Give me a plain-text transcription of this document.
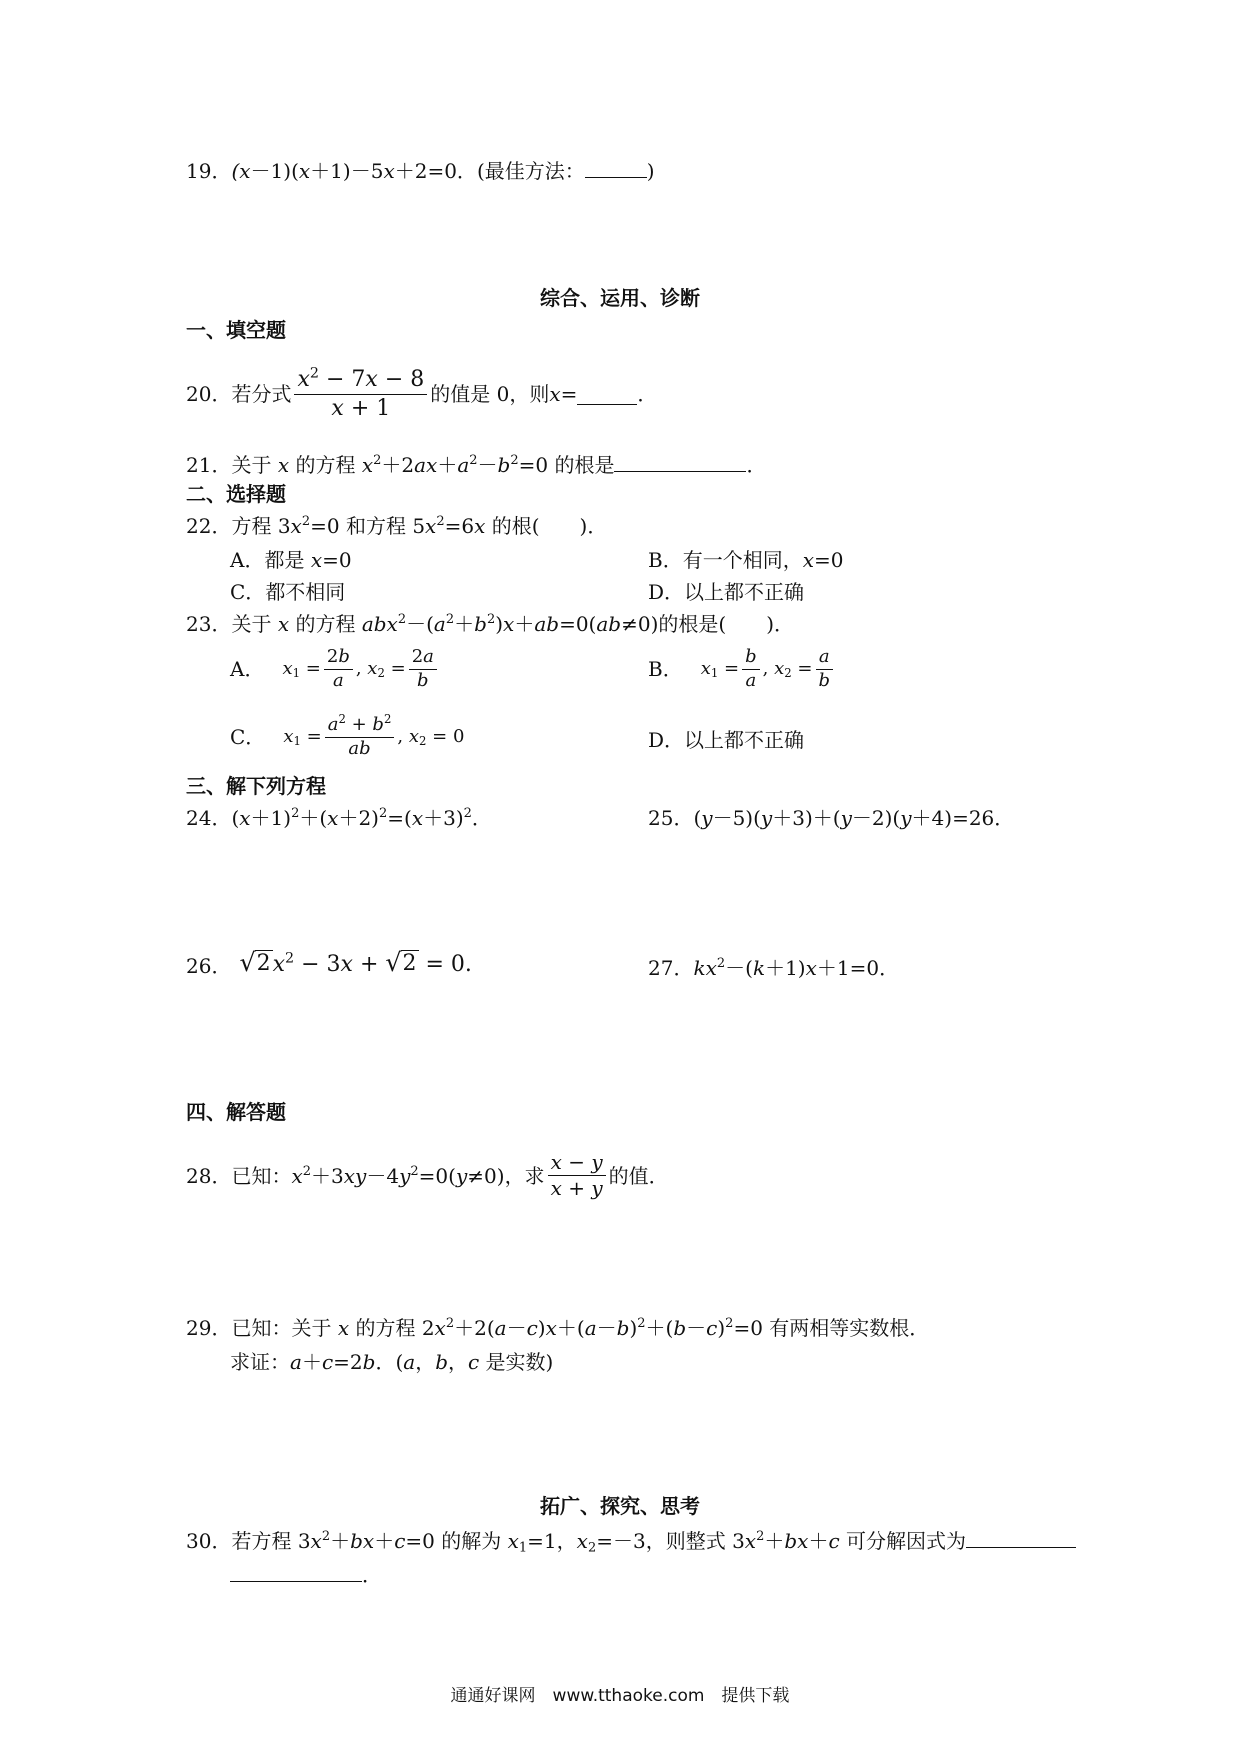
19．(x－1)(x＋1)－5x＋2=0．(最佳方法：	)
综合、运用、诊断
一、填空题
20． 若分式 $\frac{x^2 - 7x - 8}{x + 1}$ 的值是 0，则 x =	．
21．关于 x 的方程 $x^2+2ax+a^2-b^2=0$ 的根是	．
二、选择题
22．方程 $3x^2=0$ 和方程 $5x^2=6x$ 的根(　　)．
A．都是 x=0	B．有一个相同，x=0
C．都不相同	D．以上都不正确
23．关于 x 的方程 $abx^2-(a^2+b^2)x+ab=0(ab\ne 0)$的根是(　　)．
A． $x_1 = \frac{2b}{a}$ , $x_2 = \frac{2a}{b}$	B． $x_1 = \frac{b}{a}$ , $x_2 = \frac{a}{b}$
C． $x_1 = \frac{a^2 + b^2}{ab}$ , $x_2 = 0$	D．以上都不正确
三、解下列方程
24．$(x+1)^2+(x+2)^2=(x+3)^2$．	25．(y－5)(y＋3)＋(y－2)(y＋4)=26．
26． √ 2 $x^2 - 3x$ + √ 2 = 0.	27．$kx^2-(k+1)x+1=0$．
四、解答题
28． 已知： $x^2+3xy-4y^2=0(y\ne 0)$ ，求 $\frac{x - y}{x + y}$ 的值．
29．已知：关于 x 的方程 $2x^2+2(a-c)x+(a-b)^2+(b-c)^2=0$ 有两相等实数根．
求证：a＋c=2b．(a，b，c 是实数)
拓广、探究、思考
30．若方程 $3x^2+bx+c=0$ 的解为 $x_1=1$，$x_2=-3$，则整式 $3x^2+bx+c$ 可分解因式为
．
通通好课网　www.tthaoke.com　提供下载
